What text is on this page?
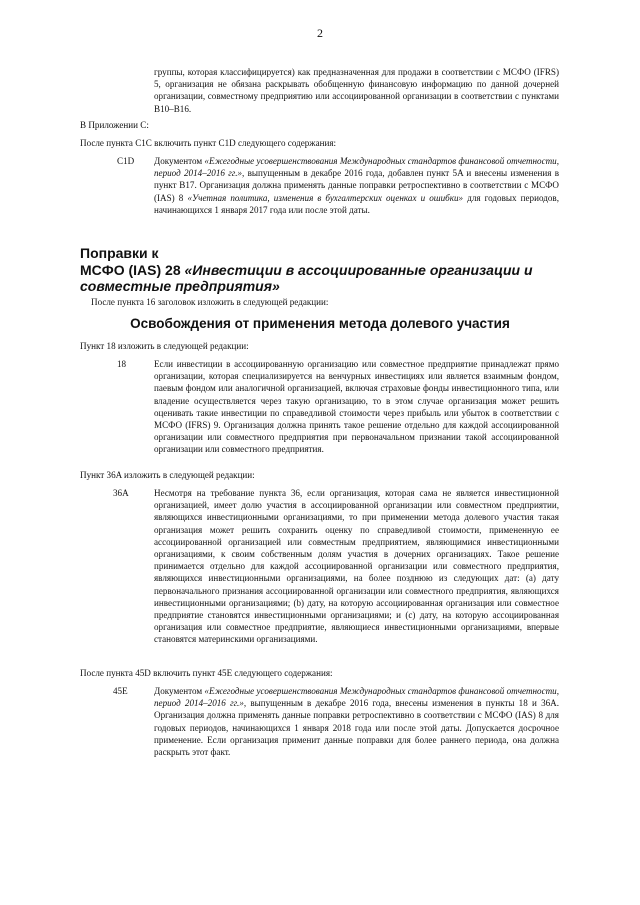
2
группы, которая классифицируется) как предназначенная для продажи в соответствии с МСФО (IFRS) 5, организация не обязана раскрывать обобщенную финансовую информацию по данной дочерней организации, совместному предприятию или ассоциированной организации в соответствии с пунктами B10–B16.
В Приложении С:
После пункта C1C включить пункт C1D следующего содержания:
C1D Документом «Ежегодные усовершенствования Международных стандартов финансовой отчетности, период 2014–2016 гг.», выпущенным в декабре 2016 года, добавлен пункт 5A и внесены изменения в пункт B17. Организация должна применять данные поправки ретроспективно в соответствии с МСФО (IAS) 8 «Учетная политика, изменения в бухгалтерских оценках и ошибки» для годовых периодов, начинающихся 1 января 2017 года или после этой даты.
Поправки к
МСФО (IAS) 28 «Инвестиции в ассоциированные организации и
совместные предприятия»
После пункта 16 заголовок изложить в следующей редакции:
Освобождения от применения метода долевого участия
Пункт 18 изложить в следующей редакции:
18	Если инвестиции в ассоциированную организацию или совместное предприятие принадлежат прямо организации, которая специализируется на венчурных инвестициях или является взаимным фондом, паевым фондом или аналогичной организацией, включая страховые фонды инвестиционного типа, или владение осуществляется через такую организацию, то в этом случае организация может решить оценивать такие инвестиции по справедливой стоимости через прибыль или убыток в соответствии с МСФО (IFRS) 9. Организация должна принять такое решение отдельно для каждой ассоциированной организации или совместного предприятия при первоначальном признании такой ассоциированной организации или совместного предприятия.
Пункт 36A изложить в следующей редакции:
36A	Несмотря на требование пункта 36, если организация, которая сама не является инвестиционной организацией, имеет долю участия в ассоциированной организации или совместном предприятии, являющихся инвестиционными организациями, то при применении метода долевого участия такая организация может решить сохранить оценку по справедливой стоимости, примененную ее ассоциированной организацией или совместным предприятием, являющимися инвестиционными организациями, к своим собственным долям участия в дочерних организациях. Такое решение принимается отдельно для каждой ассоциированной организации или совместного предприятия, являющихся инвестиционными организациями, на более позднюю из следующих дат: (a) дату первоначального признания ассоциированной организации или совместного предприятия, являющихся инвестиционными организациями; (b) дату, на которую ассоциированная организация или совместное предприятие становятся инвестиционными организациями; и (c) дату, на которую ассоциированная организация или совместное предприятие, являющиеся инвестиционными организациями, впервые становятся материнскими организациями.
После пункта 45D включить пункт 45E следующего содержания:
45E	Документом «Ежегодные усовершенствования Международных стандартов финансовой отчетности, период 2014–2016 гг.», выпущенным в декабре 2016 года, внесены изменения в пункты 18 и 36A. Организация должна применять данные поправки ретроспективно в соответствии с МСФО (IAS) 8 для годовых периодов, начинающихся 1 января 2018 года или после этой даты. Допускается досрочное применение. Если организация применит данные поправки для более раннего периода, она должна раскрыть этот факт.
